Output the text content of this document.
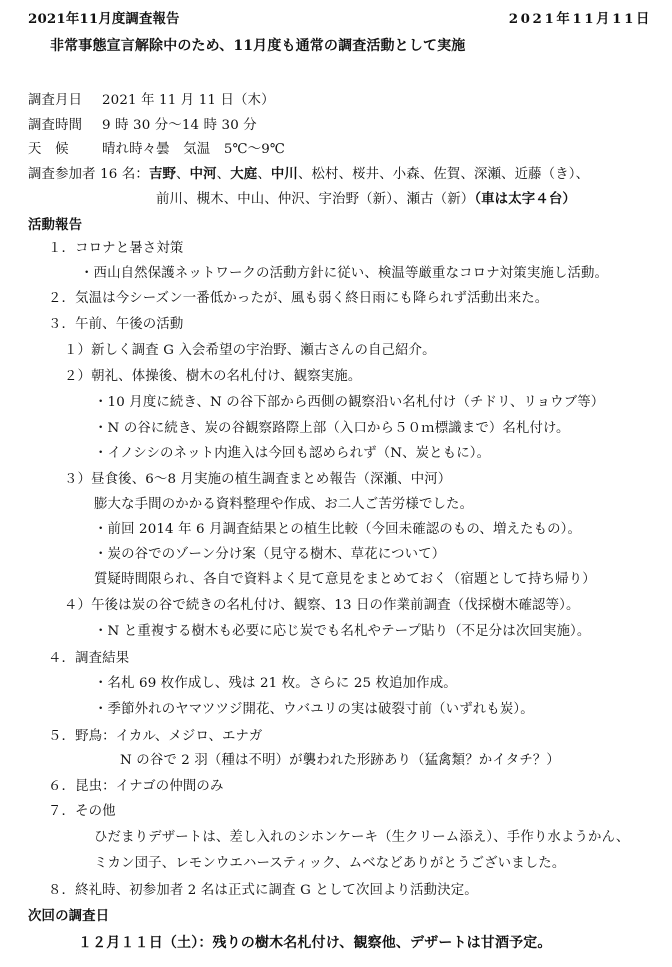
2021年11月度調査報告	2021年11月11日
非常事態宣言解除中のため、11月度も通常の調査活動として実施
調査月日 2021 年 11 月 11 日（木）
調査時間 9 時 30 分～14 時 30 分
天　候 晴れ時々曇　気温　5℃～9℃
調査参加者 16 名：吉野、中河、大庭、中川、松村、桜井、小森、佐賀、深瀬、近藤（き）、
前川、槻木、中山、仲沢、宇治野（新）、瀬古（新）（車は太字４台）
活動報告
１．コロナと暑さ対策
・西山自然保護ネットワークの活動方針に従い、検温等厳重なコロナ対策実施し活動。
２．気温は今シーズン一番低かったが、風も弱く終日雨にも降られず活動出来た。
３．午前、午後の活動
１）新しく調査 G 入会希望の宇治野、瀬古さんの自己紹介。
２）朝礼、体操後、樹木の名札付け、観察実施。
・10 月度に続き、N の谷下部から西側の観察沿い名札付け（チドリ、リョウブ等）
・N の谷に続き、炭の谷観察路際上部（入口から５０ｍ標識まで）名札付け。
・イノシシのネット内進入は今回も認められず（N、炭ともに）。
３）昼食後、6～8 月実施の植生調査まとめ報告（深瀬、中河）
膨大な手間のかかる資料整理や作成、お二人ご苦労様でした。
・前回 2014 年 6 月調査結果との植生比較（今回未確認のもの、増えたもの）。
・炭の谷でのゾーン分け案（見守る樹木、草花について）
質疑時間限られ、各自で資料よく見て意見をまとめておく（宿題として持ち帰り）
４）午後は炭の谷で続きの名札付け、観察、13 日の作業前調査（伐採樹木確認等）。
・N と重複する樹木も必要に応じ炭でも名札やテープ貼り（不足分は次回実施）。
４．調査結果
・名札 69 枚作成し、残は 21 枚。さらに 25 枚追加作成。
・季節外れのヤマツツジ開花、ウバユリの実は破裂寸前（いずれも炭）。
５．野鳥：イカル、メジロ、エナガ
N の谷で 2 羽（種は不明）が襲われた形跡あり（猛禽類？かイタチ？）
６．昆虫：イナゴの仲間のみ
７．その他
ひだまりデザートは、差し入れのシホンケーキ（生クリーム添え）、手作り水ようかん、
ミカン団子、レモンウエハースティック、ムベなどありがとうございました。
８．終礼時、初参加者 2 名は正式に調査 G として次回より活動決定。
次回の調査日
１２月１１日（土）：残りの樹木名札付け、観察他、デザートは甘酒予定。
